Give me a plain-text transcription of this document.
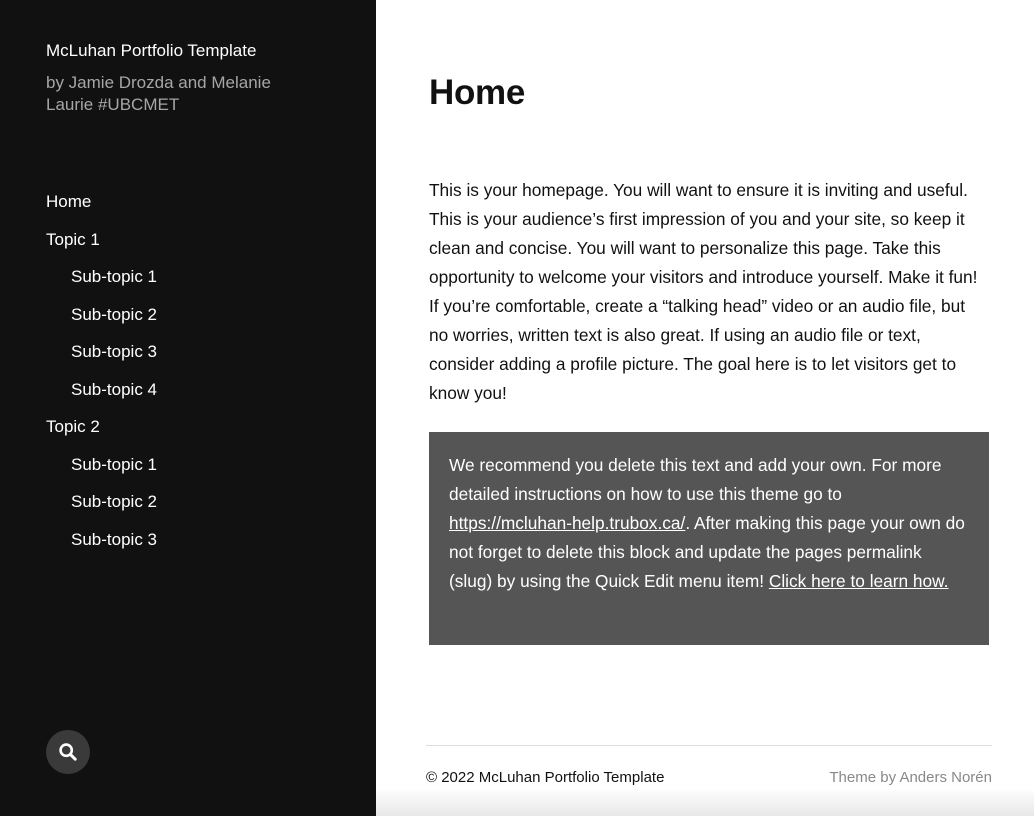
McLuhan Portfolio Template

by Jamie Drozda and Melanie Laurie #UBCMET

Home
Topic 1
Sub-topic 1
Sub-topic 2
Sub-topic 3
Sub-topic 4
Topic 2
Sub-topic 1
Sub-topic 2
Sub-topic 3
Home

This is your homepage. You will want to ensure it is inviting and useful. This is your audience’s first impression of you and your site, so keep it clean and concise. You will want to personalize this page. Take this opportunity to welcome your visitors and introduce yourself. Make it fun! If you’re comfortable, create a “talking head” video or an audio file, but no worries, written text is also great. If using an audio file or text, consider adding a profile picture. The goal here is to let visitors get to know you!

We recommend you delete this text and add your own. For more detailed instructions on how to use this theme go to https://mcluhan-help.trubox.ca/. After making this page your own do not forget to delete this block and update the pages permalink (slug) by using the Quick Edit menu item! Click here to learn how.

© 2022 McLuhan Portfolio Template	Theme by Anders Norén
